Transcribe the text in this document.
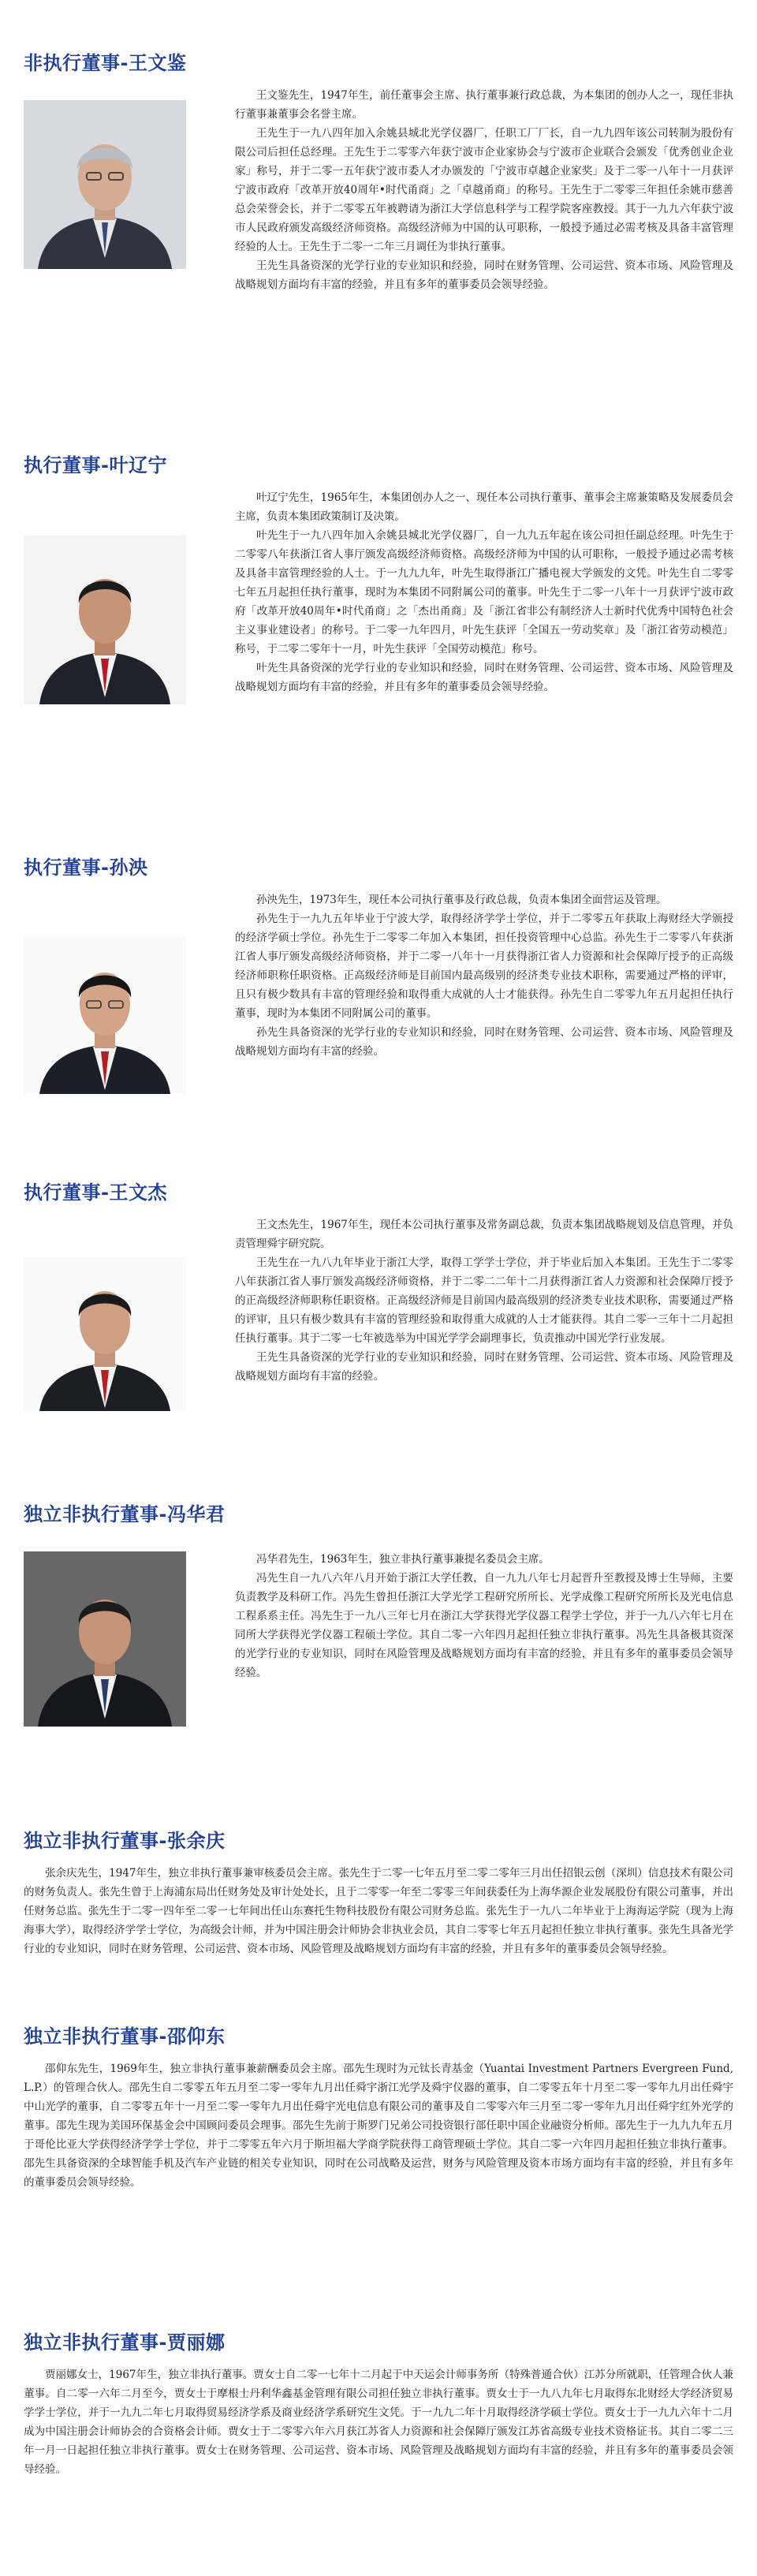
非执行董事-王文鉴

王文鉴先生，1947年生，前任董事会主席、执行董事兼行政总裁，为本集团的创办人之一，现任非执行董事兼董事会名誉主席。

王先生于一九八四年加入余姚县城北光学仪器厂，任职工厂厂长，自一九九四年该公司转制为股份有限公司后担任总经理。王先生于二零零六年获宁波市企业家协会与宁波市企业联合会颁发「优秀创业企业家」称号，并于二零一五年获宁波市委人才办颁发的「宁波市卓越企业家奖」及于二零一八年十一月获评宁波市政府「改革开放40周年•时代甬商」之「卓越甬商」的称号。王先生于二零零三年担任余姚市慈善总会荣誉会长，并于二零零五年被聘请为浙江大学信息科学与工程学院客座教授。其于一九九六年获宁波市人民政府颁发高级经济师资格。高级经济师为中国的认可职称，一般授予通过必需考核及具备丰富管理经验的人士。王先生于二零一二年三月调任为非执行董事。

王先生具备资深的光学行业的专业知识和经验，同时在财务管理、公司运营、资本市场、风险管理及战略规划方面均有丰富的经验，并且有多年的董事委员会领导经验。

执行董事-叶辽宁

叶辽宁先生，1965年生，本集团创办人之一、现任本公司执行董事、董事会主席兼策略及发展委员会主席，负责本集团政策制订及决策。

叶先生于一九八四年加入余姚县城北光学仪器厂，自一九九五年起在该公司担任副总经理。叶先生于二零零八年获浙江省人事厅颁发高级经济师资格。高级经济师为中国的认可职称，一般授予通过必需考核及具备丰富管理经验的人士。于一九九九年，叶先生取得浙江广播电视大学颁发的文凭。叶先生自二零零七年五月起担任执行董事，现时为本集团不同附属公司的董事。叶先生于二零一八年十一月获评宁波市政府「改革开放40周年•时代甬商」之「杰出甬商」及「浙江省非公有制经济人士新时代优秀中国特色社会主义事业建设者」的称号。于二零一九年四月，叶先生获评「全国五一劳动奖章」及「浙江省劳动模范」称号，于二零二零年十一月，叶先生获评「全国劳动模范」称号。

叶先生具备资深的光学行业的专业知识和经验，同时在财务管理、公司运营、资本市场、风险管理及战略规划方面均有丰富的经验，并且有多年的董事委员会领导经验。

执行董事-孙泱

孙泱先生，1973年生，现任本公司执行董事及行政总裁，负责本集团全面营运及管理。

孙先生于一九九五年毕业于宁波大学，取得经济学学士学位，并于二零零五年获取上海财经大学颁授的经济学硕士学位。孙先生于二零零二年加入本集团，担任投资管理中心总监。孙先生于二零零八年获浙江省人事厅颁发高级经济师资格，并于二零一八年十一月获得浙江省人力资源和社会保障厅授予的正高级经济师职称任职资格。正高级经济师是目前国内最高级别的经济类专业技术职称，需要通过严格的评审，且只有极少数具有丰富的管理经验和取得重大成就的人士才能获得。孙先生自二零零九年五月起担任执行董事，现时为本集团不同附属公司的董事。

孙先生具备资深的光学行业的专业知识和经验，同时在财务管理、公司运营、资本市场、风险管理及战略规划方面均有丰富的经验。

执行董事-王文杰

王文杰先生，1967年生，现任本公司执行董事及常务副总裁，负责本集团战略规划及信息管理，并负责管理舜宇研究院。

王先生在一九八九年毕业于浙江大学，取得工学学士学位，并于毕业后加入本集团。王先生于二零零八年获浙江省人事厅颁发高级经济师资格，并于二零二二年十二月获得浙江省人力资源和社会保障厅授予的正高级经济师职称任职资格。正高级经济师是目前国内最高级别的经济类专业技术职称，需要通过严格的评审，且只有极少数具有丰富的管理经验和取得重大成就的人士才能获得。其自二零一三年十二月起担任执行董事。其于二零一七年被选举为中国光学学会副理事长，负责推动中国光学行业发展。

王先生具备资深的光学行业的专业知识和经验，同时在财务管理、公司运营、资本市场、风险管理及战略规划方面均有丰富的经验。

独立非执行董事-冯华君

冯华君先生，1963年生，独立非执行董事兼提名委员会主席。

冯先生自一九八六年八月开始于浙江大学任教，自一九九八年七月起晋升至教授及博士生导师，主要负责教学及科研工作。冯先生曾担任浙江大学光学工程研究所所长、光学成像工程研究所所长及光电信息工程系系主任。冯先生于一九八三年七月在浙江大学获得光学仪器工程学士学位，并于一九八六年七月在同所大学获得光学仪器工程硕士学位。其自二零一六年四月起担任独立非执行董事。冯先生具备极其资深的光学行业的专业知识，同时在风险管理及战略规划方面均有丰富的经验，并且有多年的董事委员会领导经验。

独立非执行董事-张余庆

张余庆先生，1947年生，独立非执行董事兼审核委员会主席。张先生于二零一七年五月至二零二零年三月出任招银云创（深圳）信息技术有限公司的财务负责人。张先生曾于上海浦东局出任财务处及审计处处长，且于二零零一年至二零零三年间获委任为上海华源企业发展股份有限公司董事，并出任财务总监。张先生于二零一四年至二零一七年间出任山东赛托生物科技股份有限公司财务总监。张先生于一九八二年毕业于上海海运学院（现为上海海事大学），取得经济学学士学位，为高级会计师，并为中国注册会计师协会非执业会员，其自二零零七年五月起担任独立非执行董事。张先生具备光学行业的专业知识，同时在财务管理、公司运营、资本市场、风险管理及战略规划方面均有丰富的经验，并且有多年的董事委员会领导经验。

独立非执行董事-邵仰东

邵仰东先生，1969年生，独立非执行董事兼薪酬委员会主席。邵先生现时为元钛长青基金（Yuantai Investment Partners Evergreen Fund, L.P.）的管理合伙人。邵先生自二零零五年五月至二零一零年九月出任舜宇浙江光学及舜宇仪器的董事，自二零零五年十月至二零一零年九月出任舜宇中山光学的董事，自二零零五年十一月至二零一零年九月出任舜宇光电信息有限公司的董事及自二零零六年三月至二零一零年九月出任舜宇红外光学的董事。邵先生现为美国环保基金会中国顾问委员会理事。邵先生先前于斯罗门兄弟公司投资银行部任职中国企业融资分析师。邵先生于一九九九年五月于哥伦比亚大学获得经济学学士学位，并于二零零五年六月于斯坦福大学商学院获得工商管理硕士学位。其自二零一六年四月起担任独立非执行董事。邵先生具备资深的全球智能手机及汽车产业链的相关专业知识，同时在公司战略及运营，财务与风险管理及资本市场方面均有丰富的经验，并且有多年的董事委员会领导经验。

独立非执行董事-贾丽娜

贾丽娜女士，1967年生，独立非执行董事。贾女士自二零一七年十二月起于中天运会计师事务所（特殊普通合伙）江苏分所就职，任管理合伙人兼董事。自二零一六年二月至今，贾女士于摩根士丹利华鑫基金管理有限公司担任独立非执行董事。贾女士于一九八九年七月取得东北财经大学经济贸易学学士学位，并于一九九二年七月取得贸易经济学系及商业经济学系研究生文凭。于一九九二年十月取得经济学硕士学位。贾女士于一九九六年十二月成为中国注册会计师协会的合资格会计师。贾女士于二零零六年六月获江苏省人力资源和社会保障厅颁发江苏省高级专业技术资格证书。其自二零二三年一月一日起担任独立非执行董事。贾女士在财务管理、公司运营、资本市场、风险管理及战略规划方面均有丰富的经验，并且有多年的董事委员会领导经验。
